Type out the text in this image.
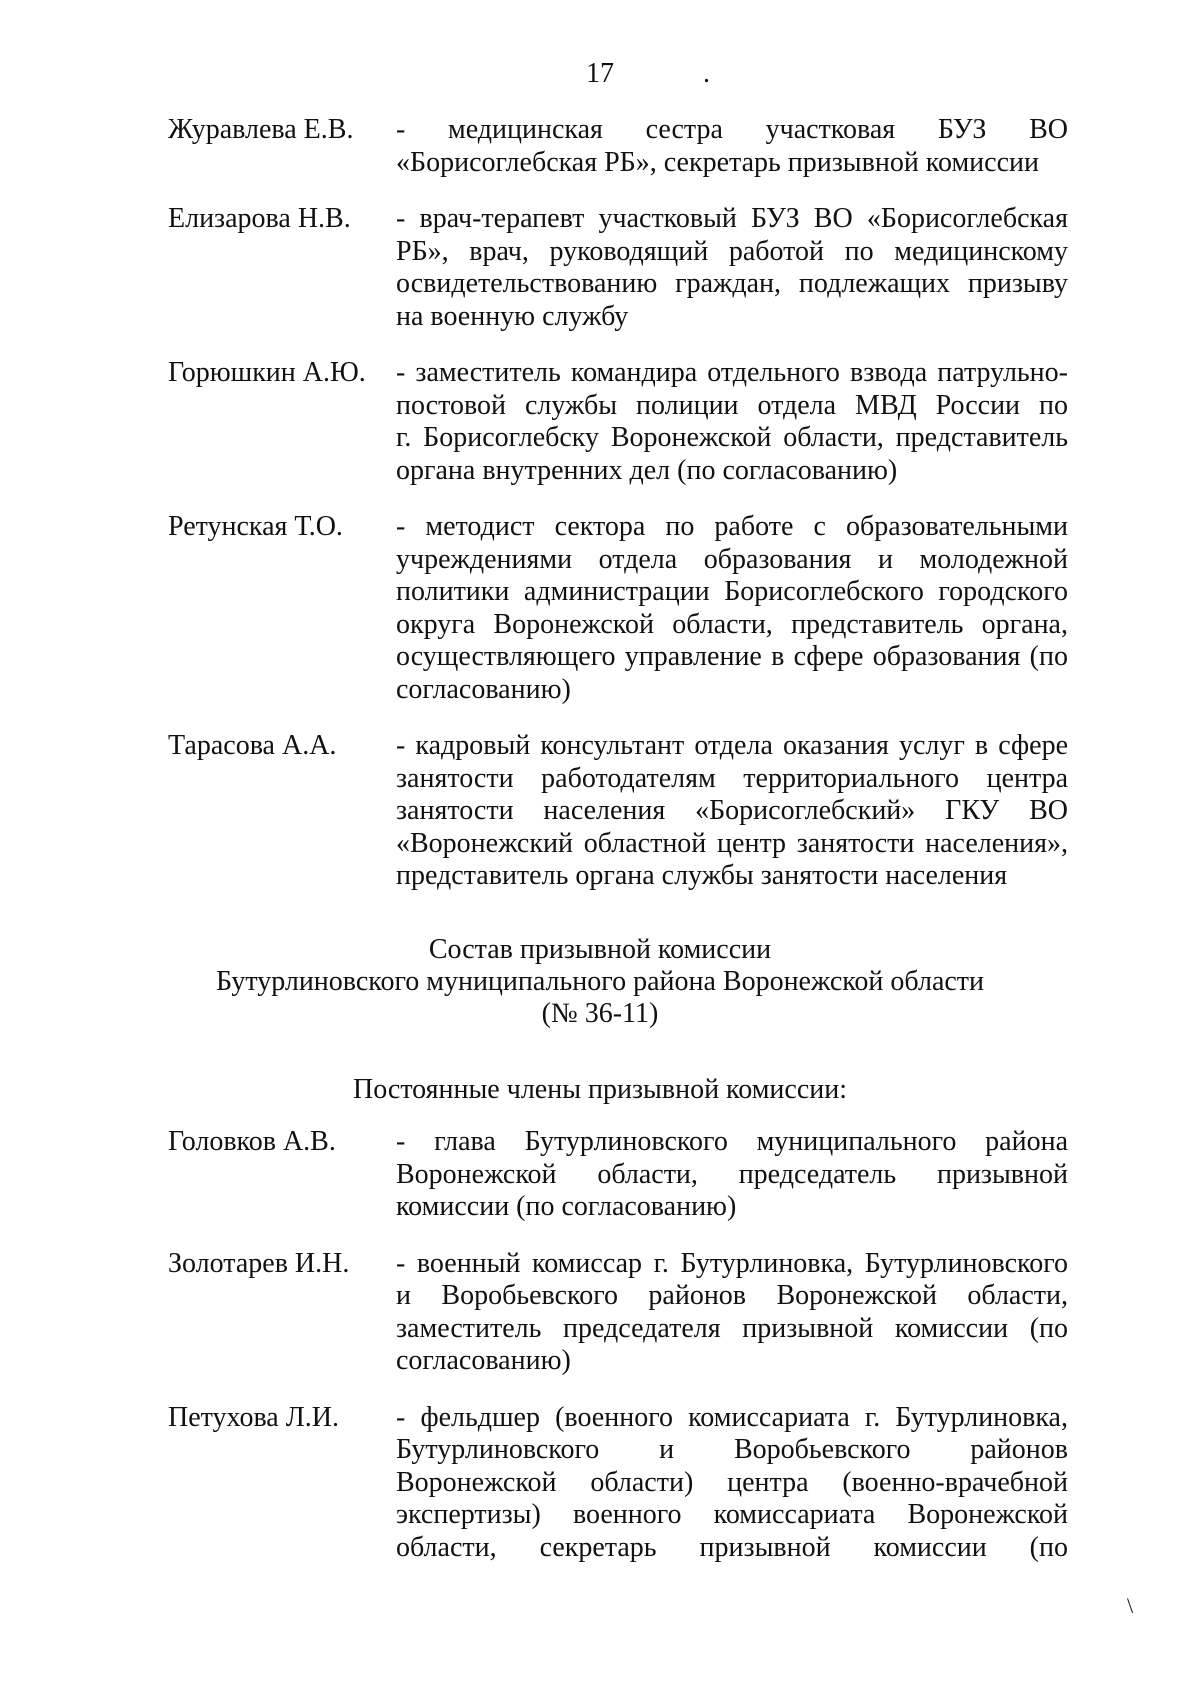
17	.
\
Журавлева Е.В.	- медицинская сестра участковая БУЗ ВО
«Борисоглебская РБ», секретарь призывной комиссии
Елизарова Н.В.	- врач-терапевт участковый БУЗ ВО «Борисоглебская
РБ», врач, руководящий работой по медицинскому
освидетельствованию граждан, подлежащих призыву
на военную службу
Горюшкин А.Ю.	- заместитель командира отдельного взвода патрульно-
постовой службы полиции отдела МВД России по
г. Борисоглебску Воронежской области, представитель
органа внутренних дел (по согласованию)
Ретунская Т.О.	- методист сектора по работе с образовательными
учреждениями отдела образования и молодежной
политики администрации Борисоглебского городского
округа Воронежской области, представитель органа,
осуществляющего управление в сфере образования (по
согласованию)
Тарасова А.А.	- кадровый консультант отдела оказания услуг в сфере
занятости работодателям территориального центра
занятости населения «Борисоглебский» ГКУ ВО
«Воронежский областной центр занятости населения»,
представитель органа службы занятости населения
Состав призывной комиссии
Бутурлиновского муниципального района Воронежской области
(№ 36-11)
Постоянные члены призывной комиссии:
Головков А.В.	- глава Бутурлиновского муниципального района
Воронежской области, председатель призывной
комиссии (по согласованию)
Золотарев И.Н.	- военный комиссар г. Бутурлиновка, Бутурлиновского
и Воробьевского районов Воронежской области,
заместитель председателя призывной комиссии (по
согласованию)
Петухова Л.И.	- фельдшер (военного комиссариата г. Бутурлиновка,
Бутурлиновского и Воробьевского районов
Воронежской области) центра (военно-врачебной
экспертизы) военного комиссариата Воронежской
области, секретарь призывной комиссии (по
